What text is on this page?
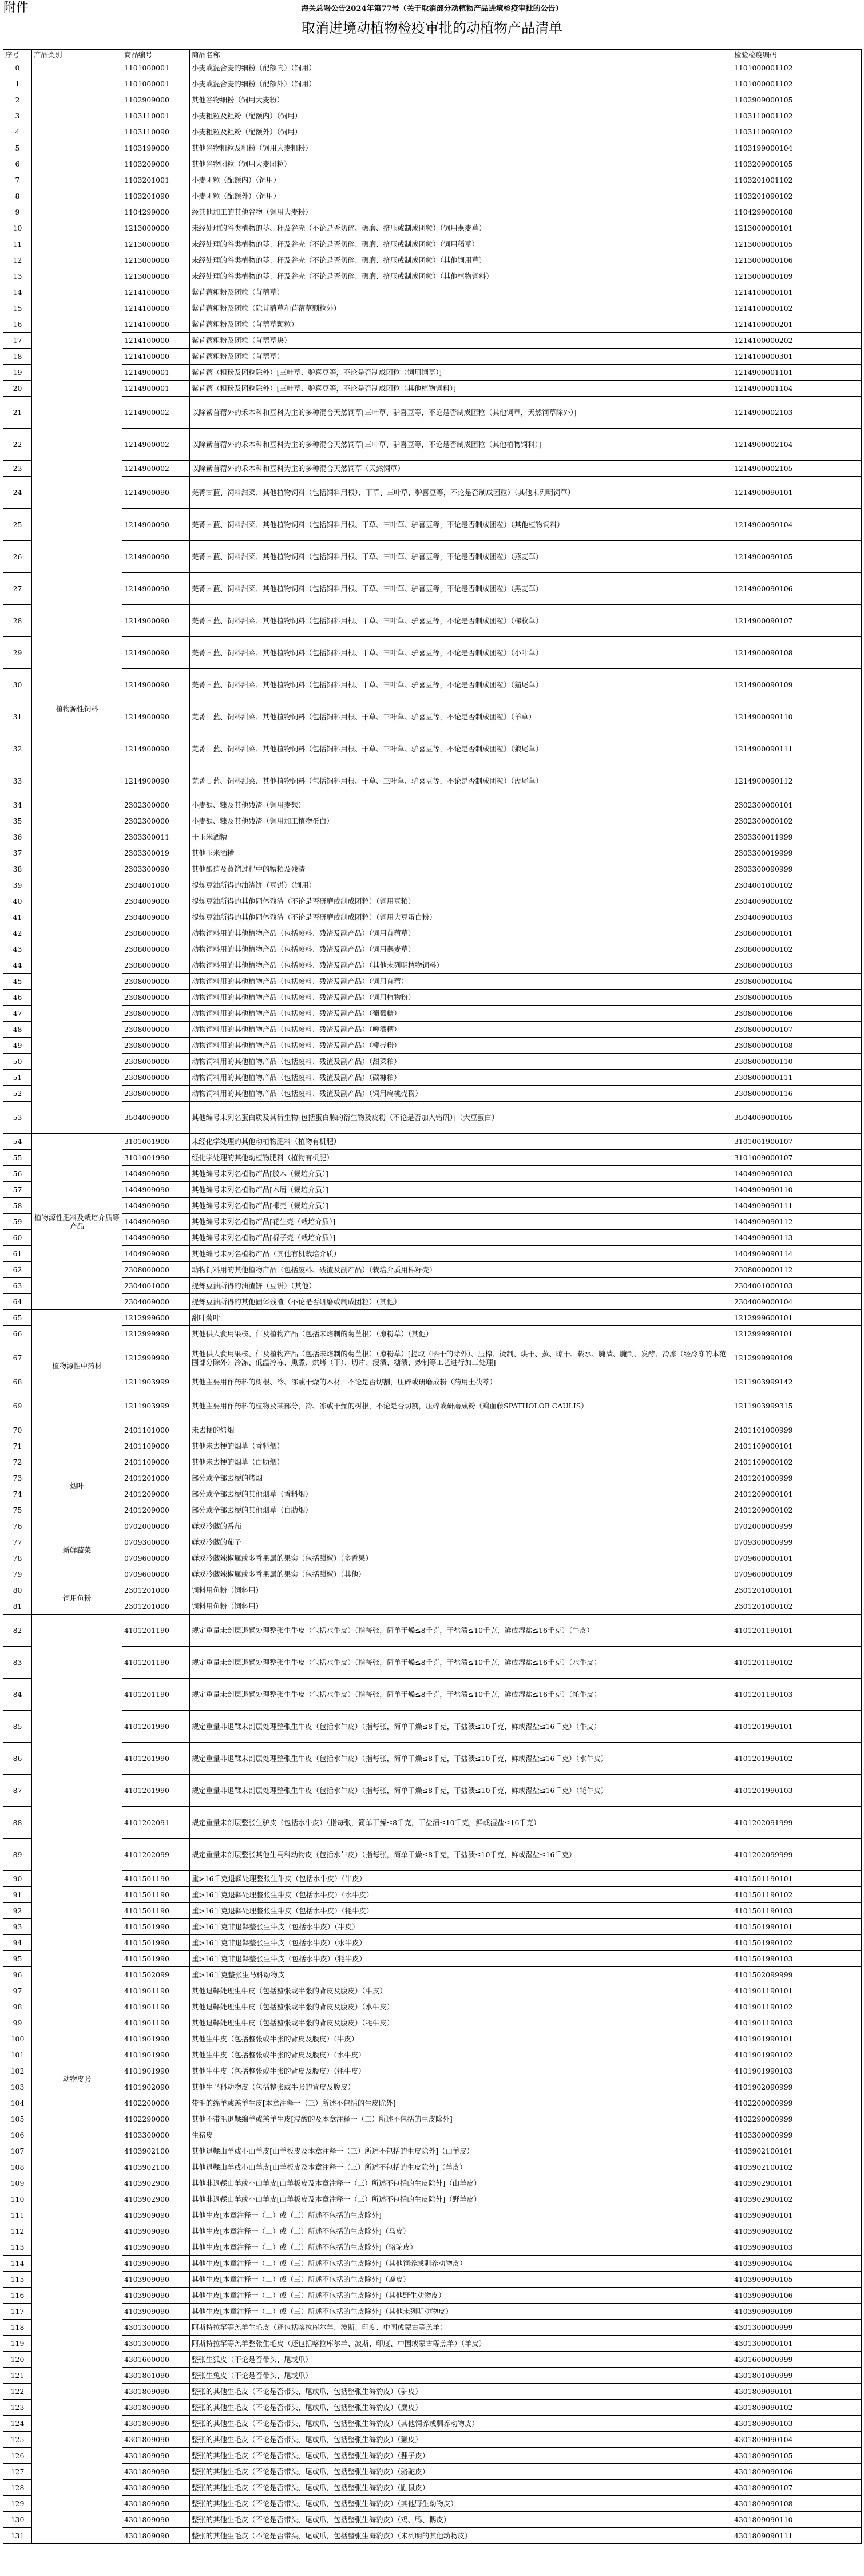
附件	海关总署公告2024年第77号（关于取消部分动植物产品进境检疫审批的公告）
取消进境动植物检疫审批的动植物产品清单
序号	产品类别	商品编号	商品名称	检验检疫编码
0		1101000001	小麦或混合麦的细粉（配额内）（饲用）	1101000001102
1		1101000001	小麦或混合麦的细粉（配额外）（饲用）	1101000001102
2		1102909000	其他谷物细粉（饲用大麦粉）	1102909000105
3		1103110001	小麦粗粒及粗粉（配额内）（饲用）	1103110001102
4		1103110090	小麦粗粒及粗粉（配额外）（饲用）	1103110090102
5		1103199000	其他谷物粗粒及粗粉（饲用大麦粗粉）	1103199000104
6		1103209000	其他谷物团粒（饲用大麦团粒）	1103209000105
7		1103201001	小麦团粒（配额内）（饲用）	1103201001102
8		1103201090	小麦团粒（配额外）（饲用）	1103201090102
9		1104299000	经其他加工的其他谷物（饲用大麦粉）	1104299000108
10		1213000000	未经处理的谷类植物的茎、秆及谷壳（不论是否切碎、碾磨、挤压或制成团粒）（饲用燕麦草）	1213000000101
11		1213000000	未经处理的谷类植物的茎、秆及谷壳（不论是否切碎、碾磨、挤压或制成团粒）（饲用稻草）	1213000000105
12		1213000000	未经处理的谷类植物的茎、秆及谷壳（不论是否切碎、碾磨、挤压或制成团粒）（其他饲用草）	1213000000106
13		1213000000	未经处理的谷类植物的茎、秆及谷壳（不论是否切碎、碾磨、挤压或制成团粒）（其他植物饲料）	1213000000109
14	植物源性饲料	1214100000	紫苜蓿粗粉及团粒（苜蓿草）	1214100000101
15		1214100000	紫苜蓿粗粉及团粒（除苜蓿草和苜蓿草颗粒外）	1214100000102
16		1214100000	紫苜蓿粗粉及团粒（苜蓿草颗粒）	1214100000201
17		1214100000	紫苜蓿粗粉及团粒（苜蓿草块）	1214100000202
18		1214100000	紫苜蓿粗粉及团粒（苜蓿草）	1214100000301
19		1214900001	紫苜蓿（粗粉及团粒除外）[三叶草、驴喜豆等，不论是否制成团粒（饲用饲草）]	1214900001101
20		1214900001	紫苜蓿（粗粉及团粒除外）[三叶草、驴喜豆等，不论是否制成团粒（其他植物饲料）]	1214900001104
21		1214900002	以除紫苜蓿外的禾本科和豆科为主的多种混合天然饲草[三叶草、驴喜豆等，不论是否制成团粒（其他饲草，天然饲草除外）]	1214900002103
22		1214900002	以除紫苜蓿外的禾本科和豆科为主的多种混合天然饲草[三叶草、驴喜豆等，不论是否制成团粒（其他植物饲料）]	1214900002104
23		1214900002	以除紫苜蓿外的禾本科和豆科为主的多种混合天然饲草（天然饲草）	1214900002105
24		1214900090	芜菁甘蓝、饲料甜菜、其他植物饲料（包括饲料用根）、干草、三叶草、驴喜豆等，不论是否制成团粒）（其他未列明饲草）	1214900090101
25		1214900090	芜菁甘蓝、饲料甜菜、其他植物饲料（包括饲料用根、干草、三叶草、驴喜豆等，不论是否制成团粒）（其他植物饲料）	1214900090104
26		1214900090	芜菁甘蓝、饲料甜菜、其他植物饲料（包括饲料用根、干草、三叶草、驴喜豆等，不论是否制成团粒）（燕麦草）	1214900090105
27		1214900090	芜菁甘蓝、饲料甜菜、其他植物饲料（包括饲料用根、干草、三叶草、驴喜豆等，不论是否制成团粒）（黑麦草）	1214900090106
28		1214900090	芜菁甘蓝、饲料甜菜、其他植物饲料（包括饲料用根、干草、三叶草、驴喜豆等，不论是否制成团粒）（梯牧草）	1214900090107
29		1214900090	芜菁甘蓝、饲料甜菜、其他植物饲料（包括饲料用根、干草、三叶草、驴喜豆等，不论是否制成团粒）（小叶草）	1214900090108
30		1214900090	芜菁甘蓝、饲料甜菜、其他植物饲料（包括饲料用根、干草、三叶草、驴喜豆等，不论是否制成团粒）（猫尾草）	1214900090109
31		1214900090	芜菁甘蓝、饲料甜菜、其他植物饲料（包括饲料用根、干草、三叶草、驴喜豆等，不论是否制成团粒）（羊草）	1214900090110
32		1214900090	芜菁甘蓝、饲料甜菜、其他植物饲料（包括饲料用根、干草、三叶草、驴喜豆等，不论是否制成团粒）（狼尾草）	1214900090111
33		1214900090	芜菁甘蓝、饲料甜菜、其他植物饲料（包括饲料用根、干草、三叶草、驴喜豆等，不论是否制成团粒）（虎尾草）	1214900090112
34		2302300000	小麦麸、糠及其他残渣（饲用麦麸）	2302300000101
35		2302300000	小麦麸、糠及其他残渣（饲用加工植物蛋白）	2302300000102
36		2303300011	干玉米酒糟	2303300011999
37		2303300019	其他玉米酒糟	2303300019999
38		2303300090	其他酿造及蒸馏过程中的糟粕及残渣	2303300090999
39		2304001000	提炼豆油所得的油渣饼（豆饼）（饲用）	2304001000102
40		2304009000	提炼豆油所得的其他固体残渣（不论是否研磨或制成团粒）（饲用豆粕）	2304009000102
41		2304009000	提炼豆油所得的其他固体残渣（不论是否研磨或制成团粒）（饲用大豆蛋白粉）	2304009000103
42		2308000000	动物饲料用的其他植物产品（包括废料、残渣及副产品）（饲用苜蓿草）	2308000000101
43		2308000000	动物饲料用的其他植物产品（包括废料、残渣及副产品）（饲用燕麦草）	2308000000102
44		2308000000	动物饲料用的其他植物产品（包括废料、残渣及副产品）（其他未列明植物饲料）	2308000000103
45		2308000000	动物饲料用的其他植物产品（包括废料、残渣及副产品）（饲用苜蓿）	2308000000104
46		2308000000	动物饲料用的其他植物产品（包括废料、残渣及副产品）（饲用植物粉）	2308000000105
47		2308000000	动物饲料用的其他植物产品（包括废料、残渣及副产品）（葡萄糖）	2308000000106
48		2308000000	动物饲料用的其他植物产品（包括废料、残渣及副产品）（啤酒糟）	2308000000107
49		2308000000	动物饲料用的其他植物产品（包括废料、残渣及副产品）（椰壳粉）	2308000000108
50		2308000000	动物饲料用的其他植物产品（包括废料、残渣及副产品）（甜菜粕）	2308000000110
51		2308000000	动物饲料用的其他植物产品（包括废料、残渣及副产品）（碳糠粕）	2308000000111
52		2308000000	动物饲料用的其他植物产品（包括废料、残渣及副产品）（饲用扁桃壳粉）	2308000000116
53		3504009000	其他编号未列名蛋白质及其衍生物[包括蛋白胨的衍生物及皮粉（不论是否加入铬矾）]（大豆蛋白）	3504009000105
54	植物源性肥料及栽培介质等产品	3101001900	未经化学处理的其他动植物肥料（植物有机肥）	3101001900107
55		3101001990	经化学处理的其他动植物肥料（植物有机肥）	3101009000107
56		1404909090	其他编号未列名植物产品[胶木（栽培介质）]	1404909090103
57		1404909090	其他编号未列名植物产品[木屑（栽培介质）]	1404909090110
58		1404909090	其他编号未列名植物产品[椰壳（栽培介质）]	1404909090111
59		1404909090	其他编号未列名植物产品[花生壳（栽培介质）]	1404909090112
60		1404909090	其他编号未列名植物产品[棉子壳（栽培介质）]	1404909090113
61		1404909090	其他编号未列名植物产品（其他有机栽培介质）	1404909090114
62		2308000000	动物饲料用的其他植物产品（包括废料、残渣及副产品）（栽培介质用棉籽壳）	2308000000112
63		2304001000	提炼豆油所得的油渣饼（豆饼）（其他）	2304001000103
64		2304009000	提炼豆油所得的其他固体残渣（不论是否研磨或制成团粒）（其他）	2304009000104
65	植物源性中药材	1212999600	甜叶菊叶	1212999600101
66		1212999990	其他供人食用果核、仁及植物产品（包括未焙制的菊苣根）（凉粉草）（其他）	1212999990101
67		1212999990	其他供人食用果核、仁及植物产品（包括未焙制的菊苣根）（凉粉草）[提取（晒干的除外）、压榨、烫制、烘干、蒸、晾干、载水、腌渍、腌制、发酵、冷冻（经冷冻的本范围部分除外）冷冻、低温冷冻、熏煮、烘烤（干）、切片、浸渍、糖渍、炒制等工艺进行加工处理]	1212999990109
68		1211903999	其他主要用作药料的树根、冷、冻或干燥的木材，不论是否切割，压碎或研磨成粉（药用土茯苓）	1211903999142
69		1211903999	其他主要用作药料的植物及某部分，冷、冻或干燥的树根，不论是否切割，压碎或研磨成粉（鸡血藤SPATHOLOB CAULIS）	1211903999315
70		2401101000	未去梗的烤烟	2401101000999
71		2401109000	其他未去梗的烟草（香料烟）	2401109000101
72	烟叶	2401109000	其他未去梗的烟草（白肋烟）	2401109000102
73		2401201000	部分或全部去梗的烤烟	2401201000999
74		2401209000	部分或全部去梗的其他烟草（香料烟）	2401209000101
75		2401209000	部分或全部去梗的其他烟草（白肋烟）	2401209000102
76	新鲜蔬菜	0702000000	鲜或冷藏的番茄	0702000000999
77		0709300000	鲜或冷藏的茄子	0709300000999
78		0709600000	鲜或冷藏辣椒属或多香果属的果实（包括甜椒）（多香果）	0709600000101
79		0709600000	鲜或冷藏辣椒属或多香果属的果实（包括甜椒）（其他）	0709600000109
80	饲用鱼粉	2301201000	饲料用鱼粉（饲料用）	2301201000101
81		2301201000	饲料用鱼粉（饲料用）	2301201000102
82	动物皮张	4101201190	规定重量未剖层退鞣处理整张生牛皮（包括水牛皮）（指每张，简单干燥≤8千克，干盐渍≤10千克，鲜或湿盐≤16千克）（牛皮）	4101201190101
83		4101201190	规定重量未剖层退鞣处理整张生牛皮（包括水牛皮）（指每张，简单干燥≤8千克，干盐渍≤10千克，鲜或湿盐≤16千克）（水牛皮）	4101201190102
84		4101201190	规定重量未剖层退鞣处理整张生牛皮（包括水牛皮）（指每张，简单干燥≤8千克，干盐渍≤10千克，鲜或湿盐≤16千克）（牦牛皮）	4101201190103
85		4101201990	规定重量非退鞣未剖层处理整张生牛皮（包括水牛皮）（指每张，简单干燥≤8千克，干盐渍≤10千克，鲜或湿盐≤16千克）（牛皮）	4101201990101
86		4101201990	规定重量非退鞣未剖层处理整张生牛皮（包括水牛皮）（指每张，简单干燥≤8千克，干盐渍≤10千克，鲜或湿盐≤16千克）（水牛皮）	4101201990102
87		4101201990	规定重量非退鞣未剖层处理整张生牛皮（包括水牛皮）（指每张，简单干燥≤8千克，干盐渍≤10千克，鲜或湿盐≤16千克）（牦牛皮）	4101201990103
88		4101202091	规定重量未剖层整张生驴皮（包括水牛皮）（指每张，简单干燥≤8千克，干盐渍≤10千克，鲜或湿盐≤16千克）	4101202091999
89		4101202099	规定重量未剖层整张其他生马科动物皮（包括水牛皮）（指每张，简单干燥≤8千克，干盐渍≤10千克，鲜或湿盐≤16千克）	4101202099999
90		4101501190	重>16千克退鞣处理整张生牛皮（包括水牛皮）（牛皮）	4101501190101
91		4101501190	重>16千克退鞣处理整张生牛皮（包括水牛皮）（水牛皮）	4101501190102
92		4101501190	重>16千克退鞣处理整张生牛皮（包括水牛皮）（牦牛皮）	4101501190103
93		4101501990	重>16千克非退鞣整张生牛皮（包括水牛皮）（牛皮）	4101501990101
94		4101501990	重>16千克非退鞣整张生牛皮（包括水牛皮）（水牛皮）	4101501990102
95		4101501990	重>16千克非退鞣整张生牛皮（包括水牛皮）（牦牛皮）	4101501990103
96		4101502099	重>16千克整张生马科动物皮	4101502099999
97		4101901190	其他退鞣处理生牛皮（包括整张或半张的背皮及腹皮）（牛皮）	4101901190101
98		4101901190	其他退鞣处理生牛皮（包括整张或半张的背皮及腹皮）（水牛皮）	4101901190102
99		4101901190	其他退鞣处理生牛皮（包括整张或半张的背皮及腹皮）（牦牛皮）	4101901190103
100		4101901990	其他生牛皮（包括整张或半张的背皮及腹皮）（牛皮）	4101901990101
101		4101901990	其他生牛皮（包括整张或半张的背皮及腹皮）（水牛皮）	4101901990102
102		4101901990	其他生牛皮（包括整张或半张的背皮及腹皮）（牦牛皮）	4101901990103
103		4101902090	其他生马科动物皮（包括整张或半张的背皮及腹皮）	4101902090999
104		4102200000	带毛的绵羊或羔羊生皮[本章注释一（三）所述不包括的生皮除外]	4102200000999
105		4102290000	其他不带毛退鞣绵羊或羔羊生皮[浸酸的及本章注释一（三）所述不包括的生皮除外]	4102290000999
106		4103300000	生猪皮	4103300000999
107		4103902100	其他退鞣山羊或小山羊皮[山羊板皮及本章注释一（三）所述不包括的生皮除外]（山羊皮）	4103902100101
108		4103902100	其他退鞣山羊或小山羊皮[山羊板皮及本章注释一（三）所述不包括的生皮除外]（羊皮）	4103902100102
109		4103902900	其他非退鞣山羊或小山羊皮[山羊板皮及本章注释一（三）所述不包括的生皮除外]（山羊皮）	4103902900101
110		4103902900	其他非退鞣山羊或小山羊皮[山羊板皮及本章注释一（三）所述不包括的生皮除外]（野羊皮）	4103902900102
111		4103909090	其他生皮[本章注释一（二）或（三）所述不包括的生皮除外]	4103909090101
112		4103909090	其他生皮[本章注释一（二）或（三）所述不包括的生皮除外]（马皮）	4103909090102
113		4103909090	其他生皮[本章注释一（二）或（三）所述不包括的生皮除外]（骆驼皮）	4103909090103
114		4103909090	其他生皮[本章注释一（二）或（三）所述不包括的生皮除外]（其他饲养或驯养动物皮）	4103909090104
115		4103909090	其他生皮[本章注释一（二）或（三）所述不包括的生皮除外]（鹿皮）	4103909090105
116		4103909090	其他生皮[本章注释一（二）或（三）所述不包括的生皮除外]（其他野生动物皮）	4103909090106
117		4103909090	其他生皮[本章注释一（二）或（三）所述不包括的生皮除外]（其他未列明动物皮）	4103909090109
118		4301300000	阿斯特拉罕等羔羊生毛皮（还包括喀拉库尔羊、波斯、印度、中国或蒙古等羔羊）	4301300000999
119		4301300000	阿斯特拉罕等羔羊整张生毛皮（还包括喀拉库尔羊、波斯、印度、中国或蒙古等羔羊）（羊皮）	4301300000101
120		4301600000	整张生狐皮（不论是否带头、尾或爪）	4301600000999
121		4301801090	整张生兔皮（不论是否带头、尾或爪）	4301801090999
122		4301809090	整张的其他生毛皮（不论是否带头、尾或爪，包括整张生海豹皮）（驴皮）	4301809090101
123		4301809090	整张的其他生毛皮（不论是否带头、尾或爪，包括整张生海豹皮）（麋皮）	4301809090102
124		4301809090	整张的其他生毛皮（不论是否带头、尾或爪，包括整张生海豹皮）（其他饲养或驯养动物皮）	4301809090103
125		4301809090	整张的其他生毛皮（不论是否带头、尾或爪，包括整张生海豹皮）（獭皮）	4301809090104
126		4301809090	整张的其他生毛皮（不论是否带头、尾或爪，包括整张生海豹皮）（狸子皮）	4301809090105
127		4301809090	整张的其他生毛皮（不论是否带头、尾或爪，包括整张生海豹皮）（骆驼皮）	4301809090106
128		4301809090	整张的其他生毛皮（不论是否带头、尾或爪，包括整张生海豹皮）（鼬鼠皮）	4301809090107
129		4301809090	整张的其他生毛皮（不论是否带头、尾或爪，包括整张生海豹皮）（其他野生动物皮）	4301809090108
130		4301809090	整张的其他生毛皮（不论是否带头、尾或爪，包括整张生海豹皮）（鸡、鸭、鹅皮）	4301809090110
131		4301809090	整张的其他生毛皮（不论是否带头、尾或爪，包括整张生海豹皮）（未列明的其他动物皮）	4301809090111
